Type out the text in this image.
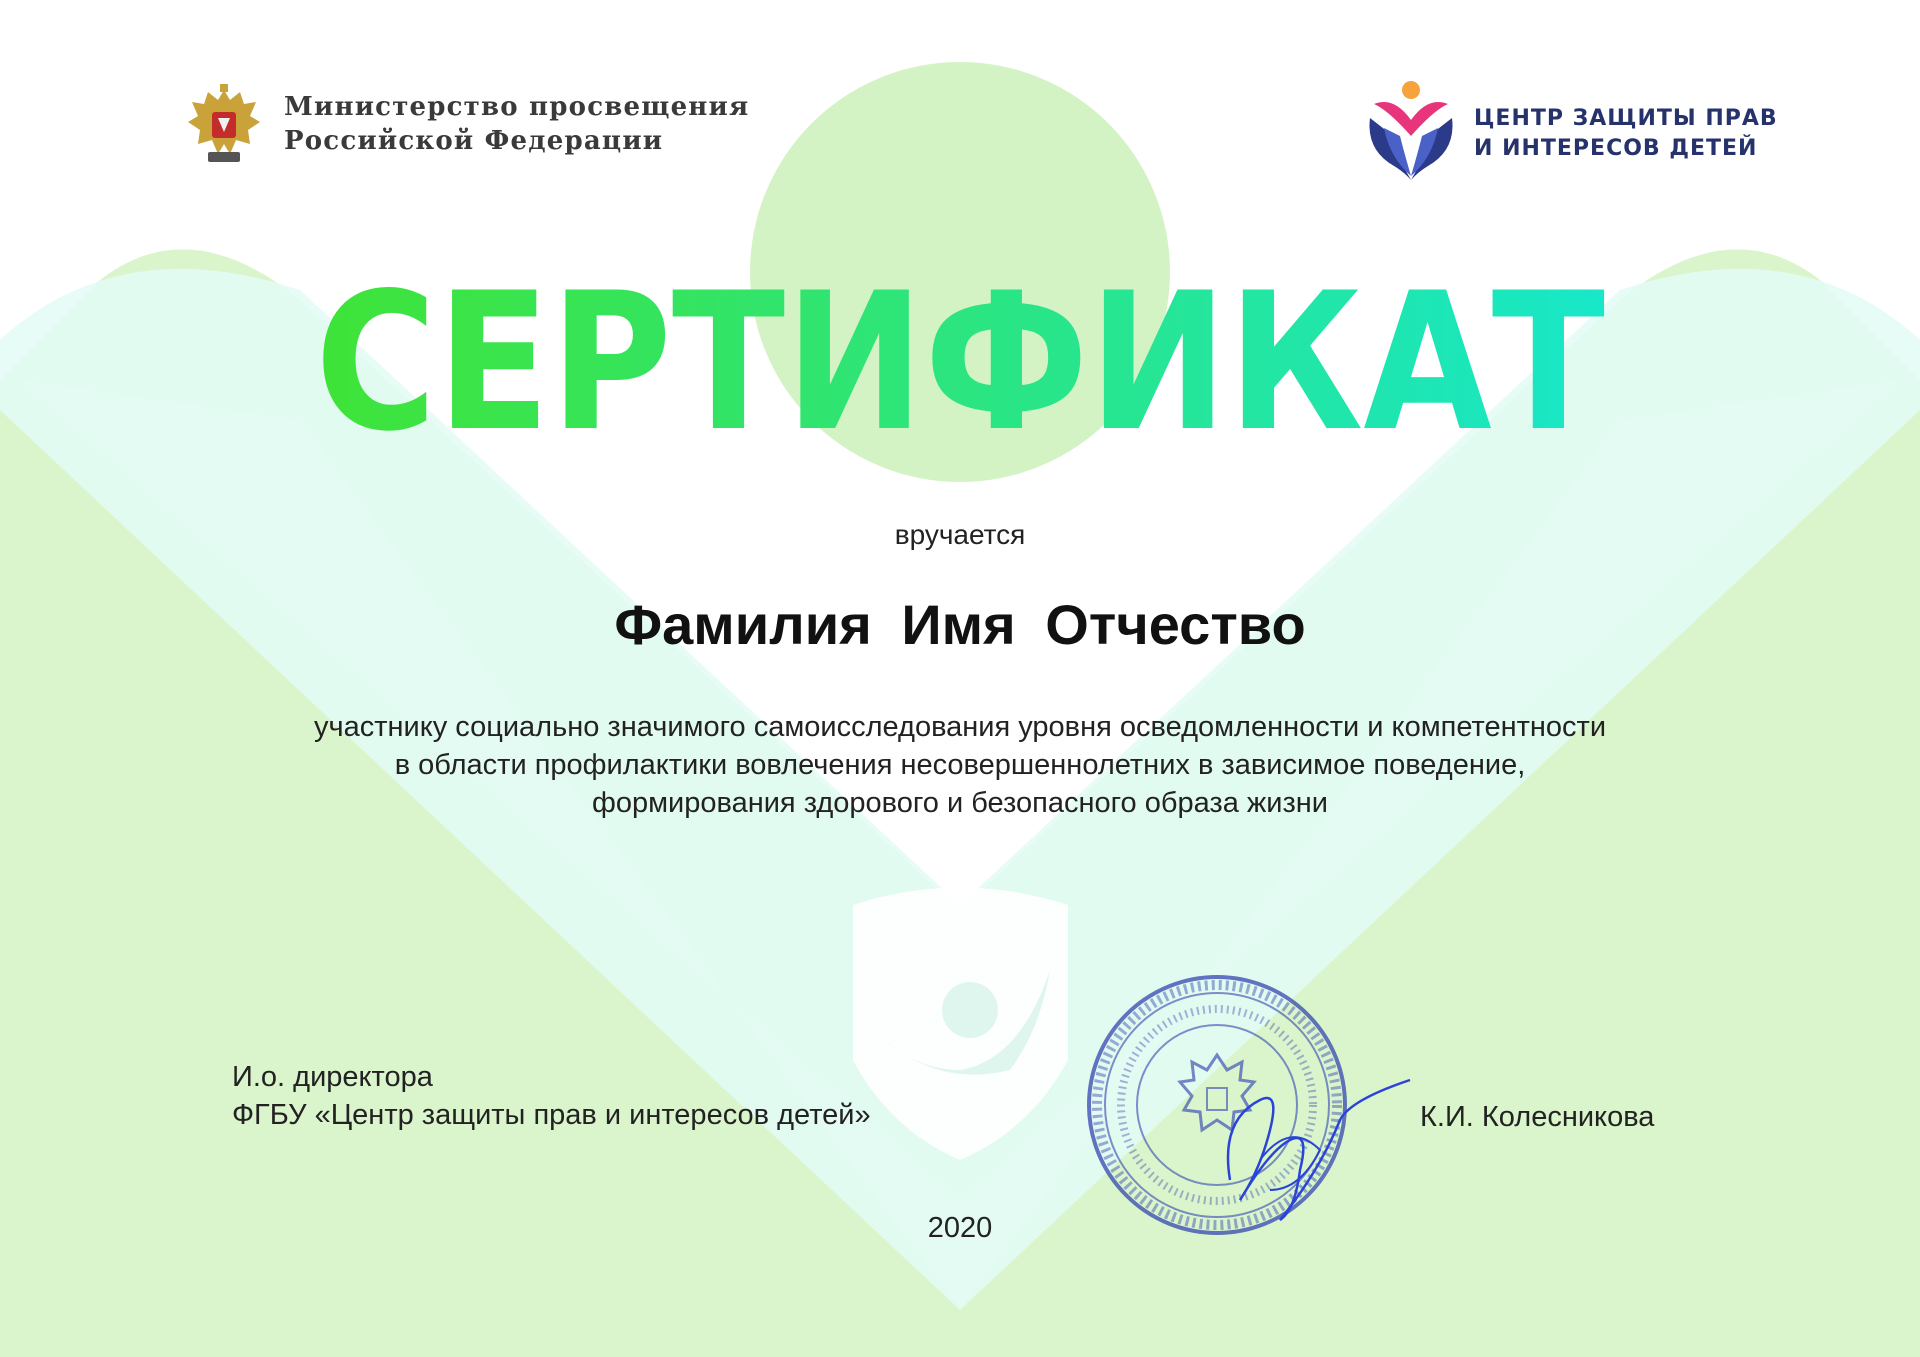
Министерство просвещения
Российской Федерации
ЦЕНТР ЗАЩИТЫ ПРАВ
И ИНТЕРЕСОВ ДЕТЕЙ
СЕРТИФИКАТ
вручается
Фамилия Имя Отчество
участнику социально значимого самоисследования уровня осведомленности и компетентности
в области профилактики вовлечения несовершеннолетних в зависимое поведение,
формирования здорового и безопасного образа жизни
И.о. директора
ФГБУ «Центр защиты прав и интересов детей»	К.И. Колесникова
2020
